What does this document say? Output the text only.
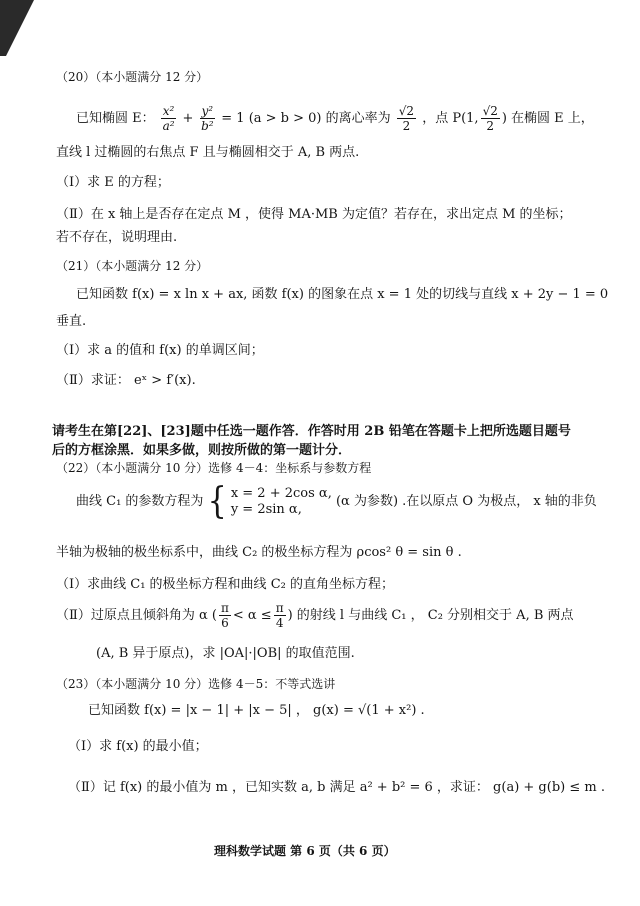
（20）（本小题满分 12 分）
已知椭圆 E： $\frac{\text{x²}}{\text{a²}} + \frac{\text{y²}}{\text{b²}} = 1$ (a > b > 0) 的离心率为 $\frac{√2}{2}$ ，点 P(1, $\frac{√2}{2}$ ) 在椭圆 E 上，
直线 l 过椭圆的右焦点 F 且与椭圆相交于 A, B 两点.
（Ⅰ）求 E 的方程；
（Ⅱ）在 x 轴上是否存在定点 M ，使得 MA·MB 为定值？若存在，求出定点 M 的坐标；
若不存在，说明理由.
（21）（本小题满分 12 分）
已知函数 f(x) = x ln x + ax, 函数 f(x) 的图象在点 x = 1 处的切线与直线 x + 2y − 1 = 0
垂直.
（Ⅰ）求 a 的值和 f(x) 的单调区间；
（Ⅱ）求证： eˣ > f′(x).
请考生在第[22]、[23]题中任选一题作答．作答时用 2B 铅笔在答题卡上把所选题目题号
后的方框涂黑．如果多做，则按所做的第一题计分．
（22）（本小题满分 10 分）选修 4－4：坐标系与参数方程
曲线 C₁ 的参数方程为 { x = 2 + 2cos α,
y = 2sin α,	(α 为参数) .在以原点 O 为极点， x 轴的非负
半轴为极轴的极坐标系中，曲线 C₂ 的极坐标方程为 ρcos² θ = sin θ .
（Ⅰ）求曲线 C₁ 的极坐标方程和曲线 C₂ 的直角坐标方程；
（Ⅱ）过原点且倾斜角为 α ( $\frac{\pi}{6} < \alpha \le \frac{\pi}{4}$ ) 的射线 l 与曲线 C₁ ， C₂ 分别相交于 A, B 两点
(A, B 异于原点)，求 |OA|·|OB| 的取值范围.
（23）（本小题满分 10 分）选修 4－5：不等式选讲
已知函数 f(x) = |x − 1| + |x − 5| ， g(x) = √(1 + x²) .
（Ⅰ）求 f(x) 的最小值；
（Ⅱ）记 f(x) 的最小值为 m ，已知实数 a, b 满足 a² + b² = 6 ，求证： g(a) + g(b) ≤ m .
理科数学试题 第 6 页（共 6 页）
